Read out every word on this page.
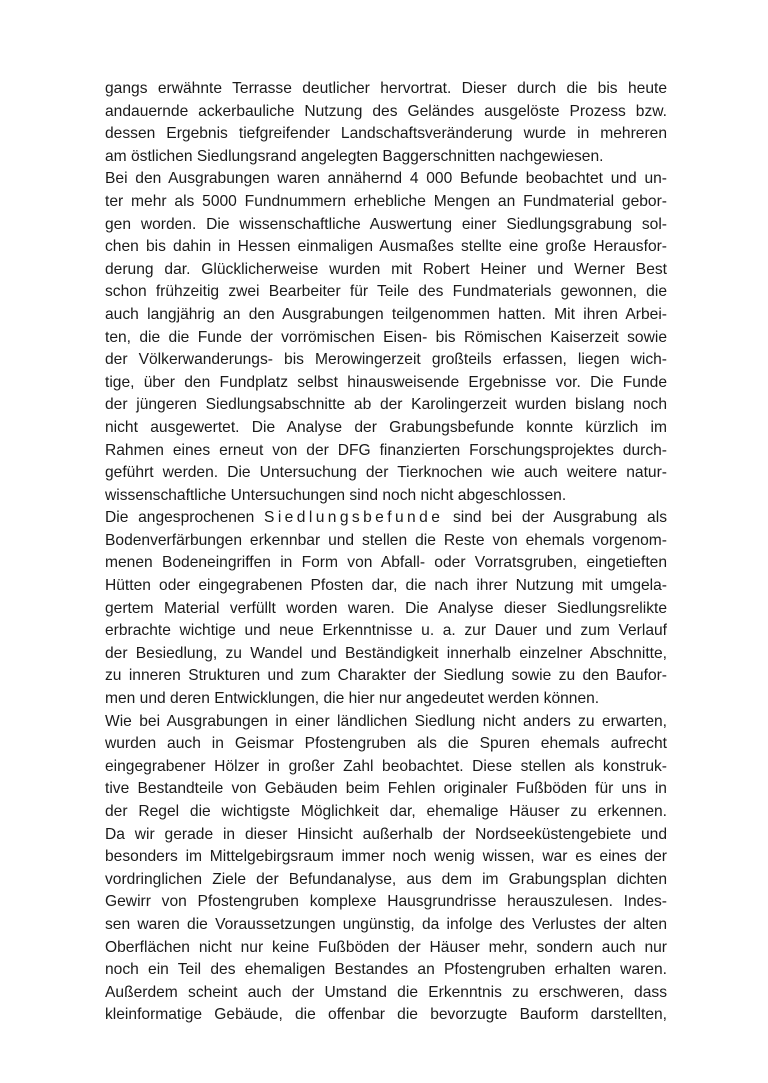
gangs erwähnte Terrasse deutlicher hervortrat. Dieser durch die bis heute
andauernde ackerbauliche Nutzung des Geländes ausgelöste Prozess bzw.
dessen Ergebnis tiefgreifender Landschaftsveränderung wurde in mehreren
am östlichen Siedlungsrand angelegten Baggerschnitten nachgewiesen.
Bei den Ausgrabungen waren annähernd 4 000 Befunde beobachtet und un-
ter mehr als 5000 Fundnummern erhebliche Mengen an Fundmaterial gebor-
gen worden. Die wissenschaftliche Auswertung einer Siedlungsgrabung sol-
chen bis dahin in Hessen einmaligen Ausmaßes stellte eine große Herausfor-
derung dar. Glücklicherweise wurden mit Robert Heiner und Werner Best
schon frühzeitig zwei Bearbeiter für Teile des Fundmaterials gewonnen, die
auch langjährig an den Ausgrabungen teilgenommen hatten. Mit ihren Arbei-
ten, die die Funde der vorrömischen Eisen- bis Römischen Kaiserzeit sowie
der Völkerwanderungs- bis Merowingerzeit großteils erfassen, liegen wich-
tige, über den Fundplatz selbst hinausweisende Ergebnisse vor. Die Funde
der jüngeren Siedlungsabschnitte ab der Karolingerzeit wurden bislang noch
nicht ausgewertet. Die Analyse der Grabungsbefunde konnte kürzlich im
Rahmen eines erneut von der DFG finanzierten Forschungsprojektes durch-
geführt werden. Die Untersuchung der Tierknochen wie auch weitere natur-
wissenschaftliche Untersuchungen sind noch nicht abgeschlossen.
Die angesprochenen Siedlungsbefunde sind bei der Ausgrabung als
Bodenverfärbungen erkennbar und stellen die Reste von ehemals vorgenom-
menen Bodeneingriffen in Form von Abfall- oder Vorratsgruben, eingetieften
Hütten oder eingegrabenen Pfosten dar, die nach ihrer Nutzung mit umgela-
gertem Material verfüllt worden waren. Die Analyse dieser Siedlungsrelikte
erbrachte wichtige und neue Erkenntnisse u. a. zur Dauer und zum Verlauf
der Besiedlung, zu Wandel und Beständigkeit innerhalb einzelner Abschnitte,
zu inneren Strukturen und zum Charakter der Siedlung sowie zu den Baufor-
men und deren Entwicklungen, die hier nur angedeutet werden können.
Wie bei Ausgrabungen in einer ländlichen Siedlung nicht anders zu erwarten,
wurden auch in Geismar Pfostengruben als die Spuren ehemals aufrecht
eingegrabener Hölzer in großer Zahl beobachtet. Diese stellen als konstruk-
tive Bestandteile von Gebäuden beim Fehlen originaler Fußböden für uns in
der Regel die wichtigste Möglichkeit dar, ehemalige Häuser zu erkennen.
Da wir gerade in dieser Hinsicht außerhalb der Nordseeküstengebiete und
besonders im Mittelgebirgsraum immer noch wenig wissen, war es eines der
vordringlichen Ziele der Befundanalyse, aus dem im Grabungsplan dichten
Gewirr von Pfostengruben komplexe Hausgrundrisse herauszulesen. Indes-
sen waren die Voraussetzungen ungünstig, da infolge des Verlustes der alten
Oberflächen nicht nur keine Fußböden der Häuser mehr, sondern auch nur
noch ein Teil des ehemaligen Bestandes an Pfostengruben erhalten waren.
Außerdem scheint auch der Umstand die Erkenntnis zu erschweren, dass
kleinformatige Gebäude, die offenbar die bevorzugte Bauform darstellten,
